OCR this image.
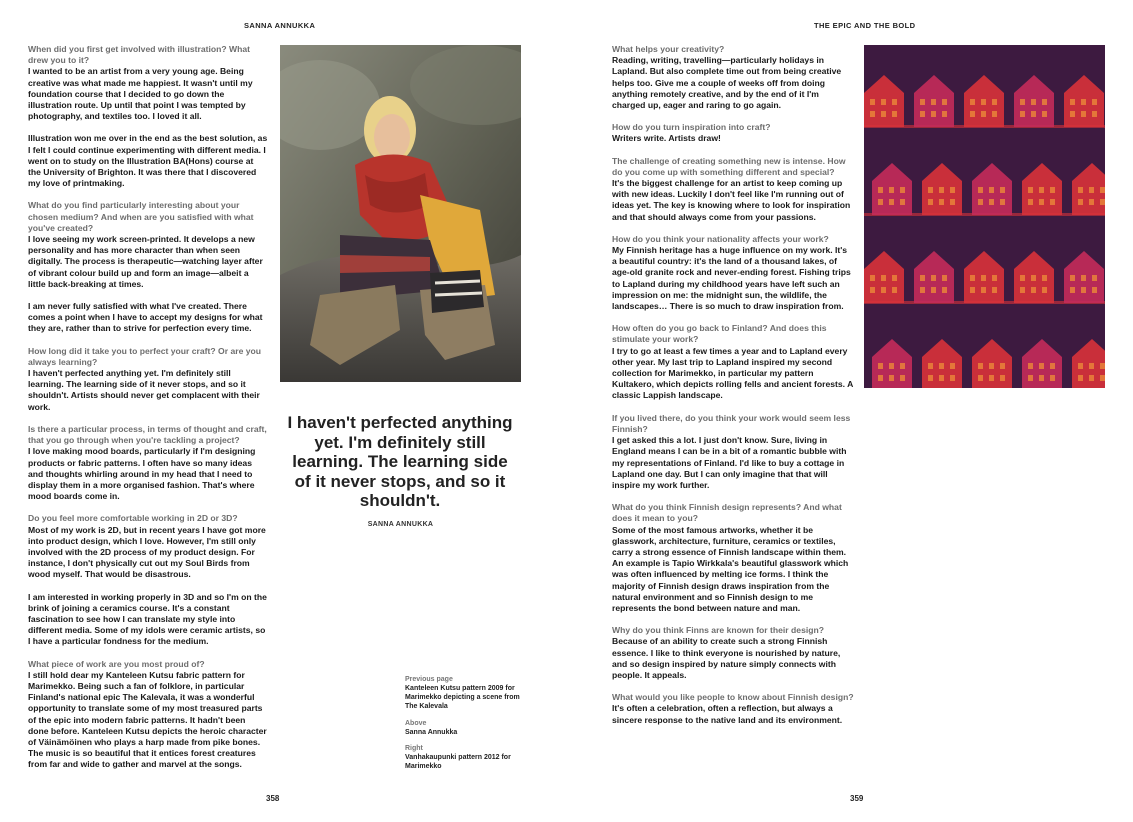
SANNA ANNUKKA	THE EPIC AND THE BOLD

When did you first get involved with illustration? What drew you to it?

I wanted to be an artist from a very young age. Being creative was what made me happiest. It wasn't until my foundation course that I decided to go down the illustration route. Up until that point I was tempted by photography, and textiles too. I loved it all.

Illustration won me over in the end as the best solution, as I felt I could continue experimenting with different media. I went on to study on the Illustration BA(Hons) course at the University of Brighton. It was there that I discovered my love of printmaking.

What do you find particularly interesting about your chosen medium? And when are you satisfied with what you've created?

I love seeing my work screen-printed. It develops a new personality and has more character than when seen digitally. The process is therapeutic—watching layer after of vibrant colour build up and form an image—albeit a little back-breaking at times.

I am never fully satisfied with what I've created. There comes a point when I have to accept my designs for what they are, rather than to strive for perfection every time.

How long did it take you to perfect your craft? Or are you always learning?

I haven't perfected anything yet. I'm definitely still learning. The learning side of it never stops, and so it shouldn't. Artists should never get complacent with their work.

Is there a particular process, in terms of thought and craft, that you go through when you're tackling a project?

I love making mood boards, particularly if I'm designing products or fabric patterns. I often have so many ideas and thoughts whirling around in my head that I need to display them in a more organised fashion. That's where mood boards come in.

Do you feel more comfortable working in 2D or 3D?

Most of my work is 2D, but in recent years I have got more into product design, which I love. However, I'm still only involved with the 2D process of my product design. For instance, I don't physically cut out my Soul Birds from wood myself. That would be disastrous.

I am interested in working properly in 3D and so I'm on the brink of joining a ceramics course. It's a constant fascination to see how I can translate my style into different media. Some of my idols were ceramic artists, so I have a particular fondness for the medium.

What piece of work are you most proud of?

I still hold dear my Kanteleen Kutsu fabric pattern for Marimekko. Being such a fan of folklore, in particular Finland's national epic The Kalevala, it was a wonderful opportunity to translate some of my most treasured parts of the epic into modern fabric patterns. It hadn't been done before. Kanteleen Kutsu depicts the heroic character of Väinämöinen who plays a harp made from pike bones. The music is so beautiful that it entices forest creatures from far and wide to gather and marvel at the songs.

I haven't perfected anything yet. I'm definitely still learning. The learning side of it never stops, and so it shouldn't.
SANNA ANNUKKA

Previous page

Kanteleen Kutsu pattern 2009 for Marimekko depicting a scene from The Kalevala

Above

Sanna Annukka

Right

Vanhakaupunki pattern 2012 for Marimekko

What helps your creativity?

Reading, writing, travelling—particularly holidays in Lapland. But also complete time out from being creative helps too. Give me a couple of weeks off from doing anything remotely creative, and by the end of it I'm charged up, eager and raring to go again.

How do you turn inspiration into craft?

Writers write. Artists draw!

The challenge of creating something new is intense. How do you come up with something different and special?

It's the biggest challenge for an artist to keep coming up with new ideas. Luckily I don't feel like I'm running out of ideas yet. The key is knowing where to look for inspiration and that should always come from your passions.

How do you think your nationality affects your work?

My Finnish heritage has a huge influence on my work. It's a beautiful country: it's the land of a thousand lakes, of age-old granite rock and never-ending forest. Fishing trips to Lapland during my childhood years have left such an impression on me: the midnight sun, the wildlife, the landscapes… There is so much to draw inspiration from.

How often do you go back to Finland? And does this stimulate your work?

I try to go at least a few times a year and to Lapland every other year. My last trip to Lapland inspired my second collection for Marimekko, in particular my pattern Kultakero, which depicts rolling fells and ancient forests. A classic Lappish landscape.

If you lived there, do you think your work would seem less Finnish?

I get asked this a lot. I just don't know. Sure, living in England means I can be in a bit of a romantic bubble with my representations of Finland. I'd like to buy a cottage in Lapland one day. But I can only imagine that that will inspire my work further.

What do you think Finnish design represents? And what does it mean to you?

Some of the most famous artworks, whether it be glasswork, architecture, furniture, ceramics or textiles, carry a strong essence of Finnish landscape within them. An example is Tapio Wirkkala's beautiful glasswork which was often influenced by melting ice forms. I think the majority of Finnish design draws inspiration from the natural environment and so Finnish design to me represents the bond between nature and man.

Why do you think Finns are known for their design?

Because of an ability to create such a strong Finnish essence. I like to think everyone is nourished by nature, and so design inspired by nature simply connects with people. It appeals.

What would you like people to know about Finnish design?

It's often a celebration, often a reflection, but always a sincere response to the native land and its environment.

358	359
